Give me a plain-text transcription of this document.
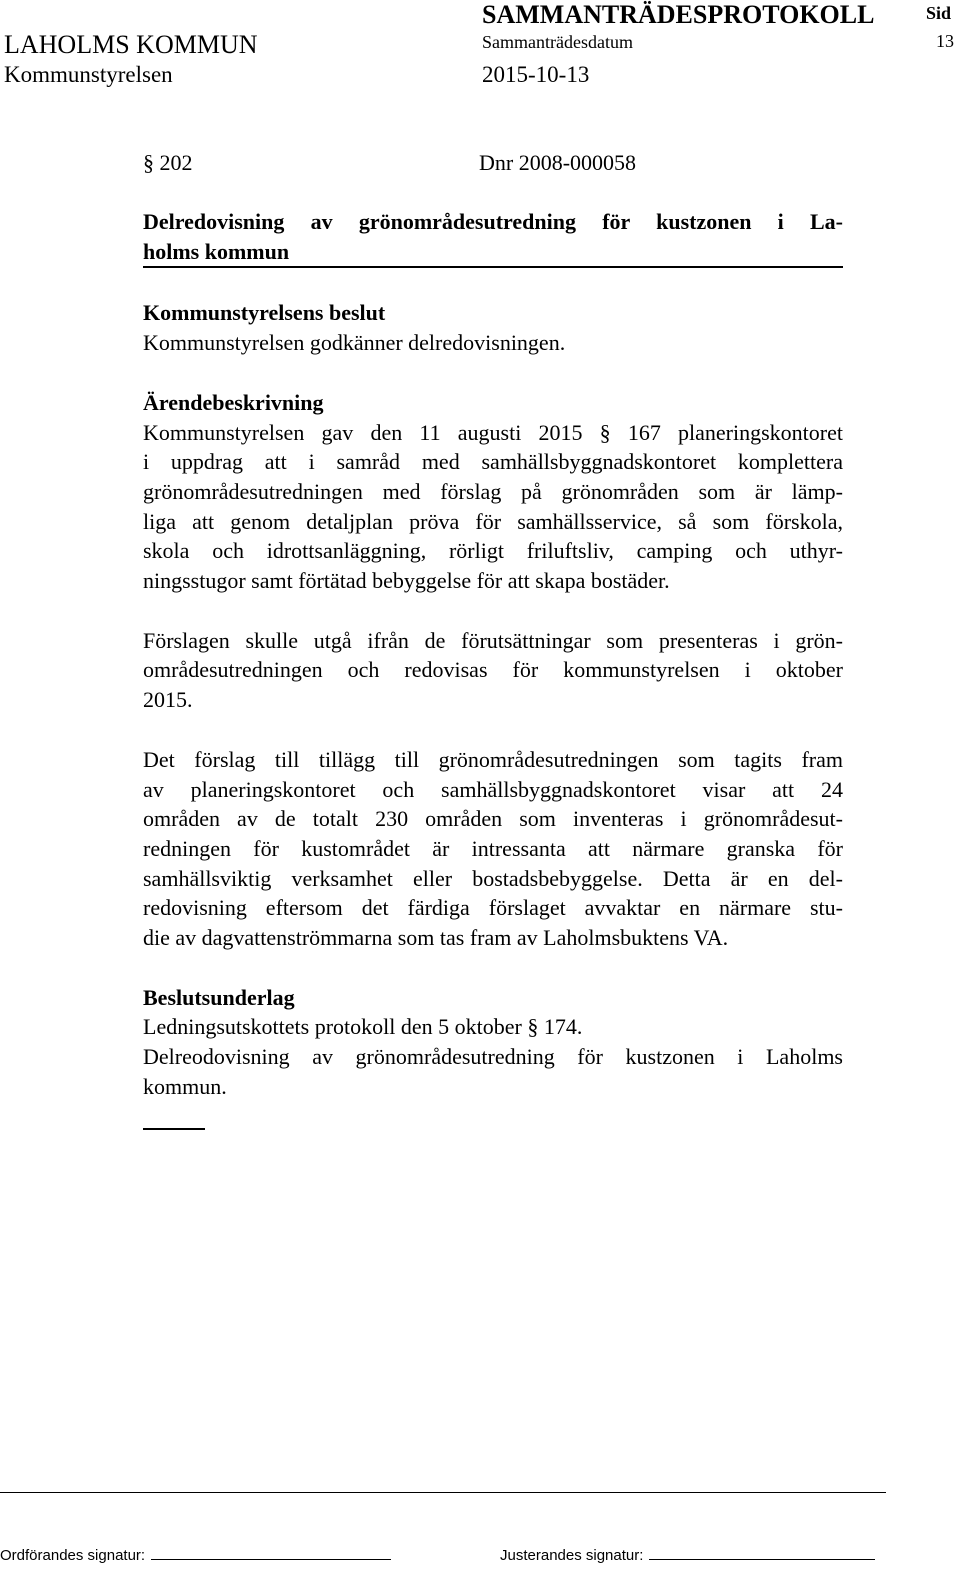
LAHOLMS KOMMUN
Kommunstyrelsen
SAMMANTRÄDESPROTOKOLL
Sammanträdesdatum
2015-10-13
Sid
13
§ 202	Dnr 2008-000058
Delredovisning av grönområdesutredning för kustzonen i La-
holms kommun
Kommunstyrelsens beslut

Kommunstyrelsen godkänner delredovisningen.

Ärendebeskrivning

Kommunstyrelsen gav den 11 augusti 2015 § 167 planeringskontoret
i uppdrag att i samråd med samhällsbyggnadskontoret komplettera
grönområdesutredningen med förslag på grönområden som är lämp-
liga att genom detaljplan pröva för samhällsservice, så som förskola,
skola och idrottsanläggning, rörligt friluftsliv, camping och uthyr-
ningsstugor samt förtätad bebyggelse för att skapa bostäder.

Förslagen skulle utgå ifrån de förutsättningar som presenteras i grön-
områdesutredningen och redovisas för kommunstyrelsen i oktober
2015.

Det förslag till tillägg till grönområdesutredningen som tagits fram
av planeringskontoret och samhällsbyggnadskontoret visar att 24
områden av de totalt 230 områden som inventeras i grönområdesut-
redningen för kustområdet är intressanta att närmare granska för
samhällsviktig verksamhet eller bostadsbebyggelse. Detta är en del-
redovisning eftersom det färdiga förslaget avvaktar en närmare stu-
die av dagvattenströmmarna som tas fram av Laholmsbuktens VA.

Beslutsunderlag

Ledningsutskottets protokoll den 5 oktober § 174.

Delreodovisning av grönområdesutredning för kustzonen i Laholms
kommun.

Ordförandes signatur:	Justerandes signatur:
